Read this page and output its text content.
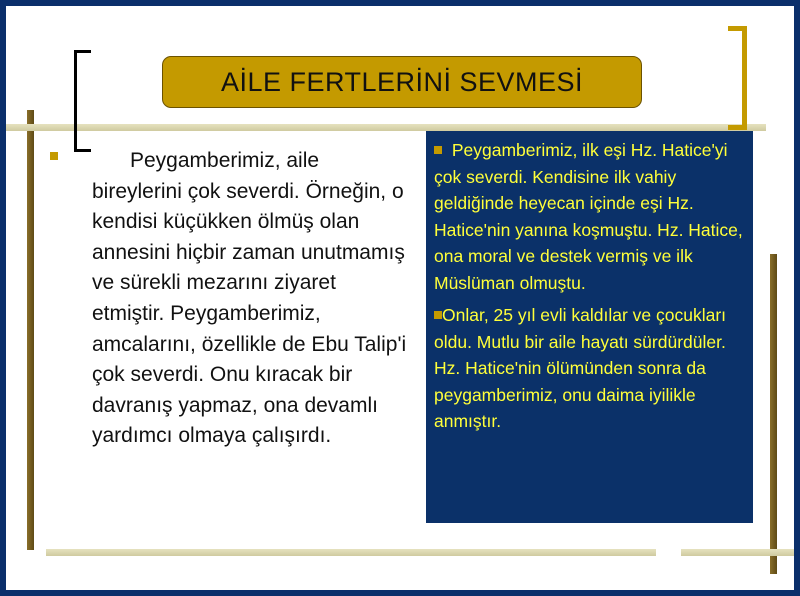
AİLE FERTLERİNİ SEVMESİ
Peygamberimiz, aile bireylerini çok severdi. Örneğin, o kendisi küçükken ölmüş olan annesini hiçbir zaman unutmamış ve sürekli mezarını ziyaret etmiştir. Peygamberimiz, amcalarını, özellikle de Ebu Talip'i çok severdi. Onu kıracak bir davranış yapmaz, ona devamlı yardımcı olmaya çalışırdı.

Peygamberimiz, ilk eşi Hz. Hatice'yi çok severdi. Kendisine ilk vahiy geldiğinde heyecan içinde eşi Hz. Hatice'nin yanına koşmuştu. Hz. Hatice, ona moral ve destek vermiş ve ilk Müslüman olmuştu.

Onlar, 25 yıl evli kaldılar ve çocukları oldu. Mutlu bir aile hayatı sürdürdüler. Hz. Hatice'nin ölümünden sonra da peygamberimiz, onu daima iyilikle anmıştır.
